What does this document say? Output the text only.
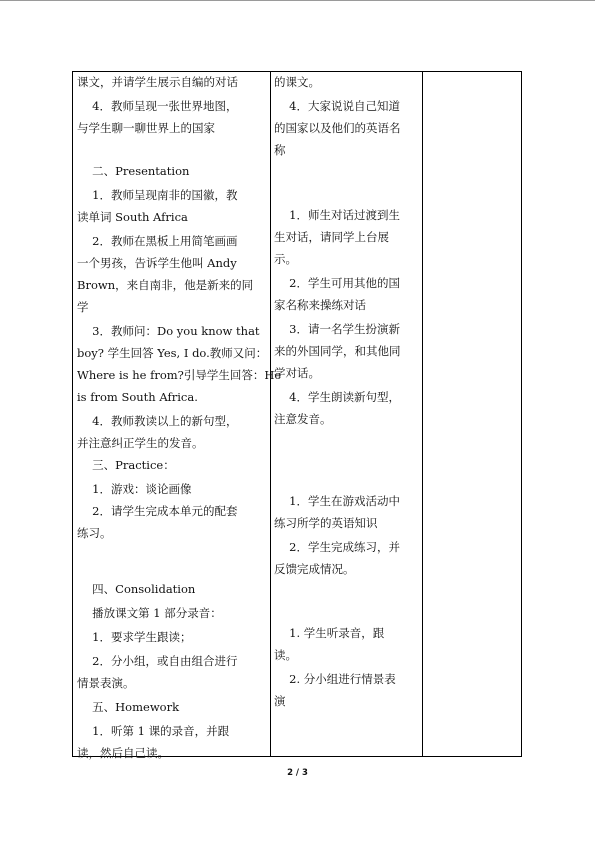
课文，并请学生展示自编的对话
　 4．教师呈现一张世界地图，
与学生聊一聊世界上的国家
　 二、Presentation
　 1．教师呈现南非的国徽，教
读单词 South Africa
　 2．教师在黑板上用简笔画画
一个男孩，告诉学生他叫 Andy
Brown，来自南非，他是新来的同
学
　 3．教师问：Do you know that
boy? 学生回答 Yes, I do.教师又问：
Where is he from?引导学生回答：He
is from South Africa.
　 4．教师教读以上的新句型，
并注意纠正学生的发音。
　 三、Practice：
　 1．游戏：谈论画像
　 2．请学生完成本单元的配套
练习。
　 四、Consolidation
　 播放课文第 1 部分录音：
　 1．要求学生跟读；
　 2．分小组，或自由组合进行
情景表演。
　 五、Homework
　 1．听第 1 课的录音，并跟
读，然后自己读。
的课文。
　 4．大家说说自己知道
的国家以及他们的英语名
称
　 1．师生对话过渡到生
生对话，请同学上台展
示。
　 2．学生可用其他的国
家名称来操练对话
　 3．请一名学生扮演新
来的外国同学，和其他同
学对话。
　 4．学生朗读新句型，
注意发音。
　 1．学生在游戏活动中
练习所学的英语知识
　 2．学生完成练习，并
反馈完成情况。
　 1. 学生听录音，跟
读。
　 2. 分小组进行情景表
演
2 / 3
